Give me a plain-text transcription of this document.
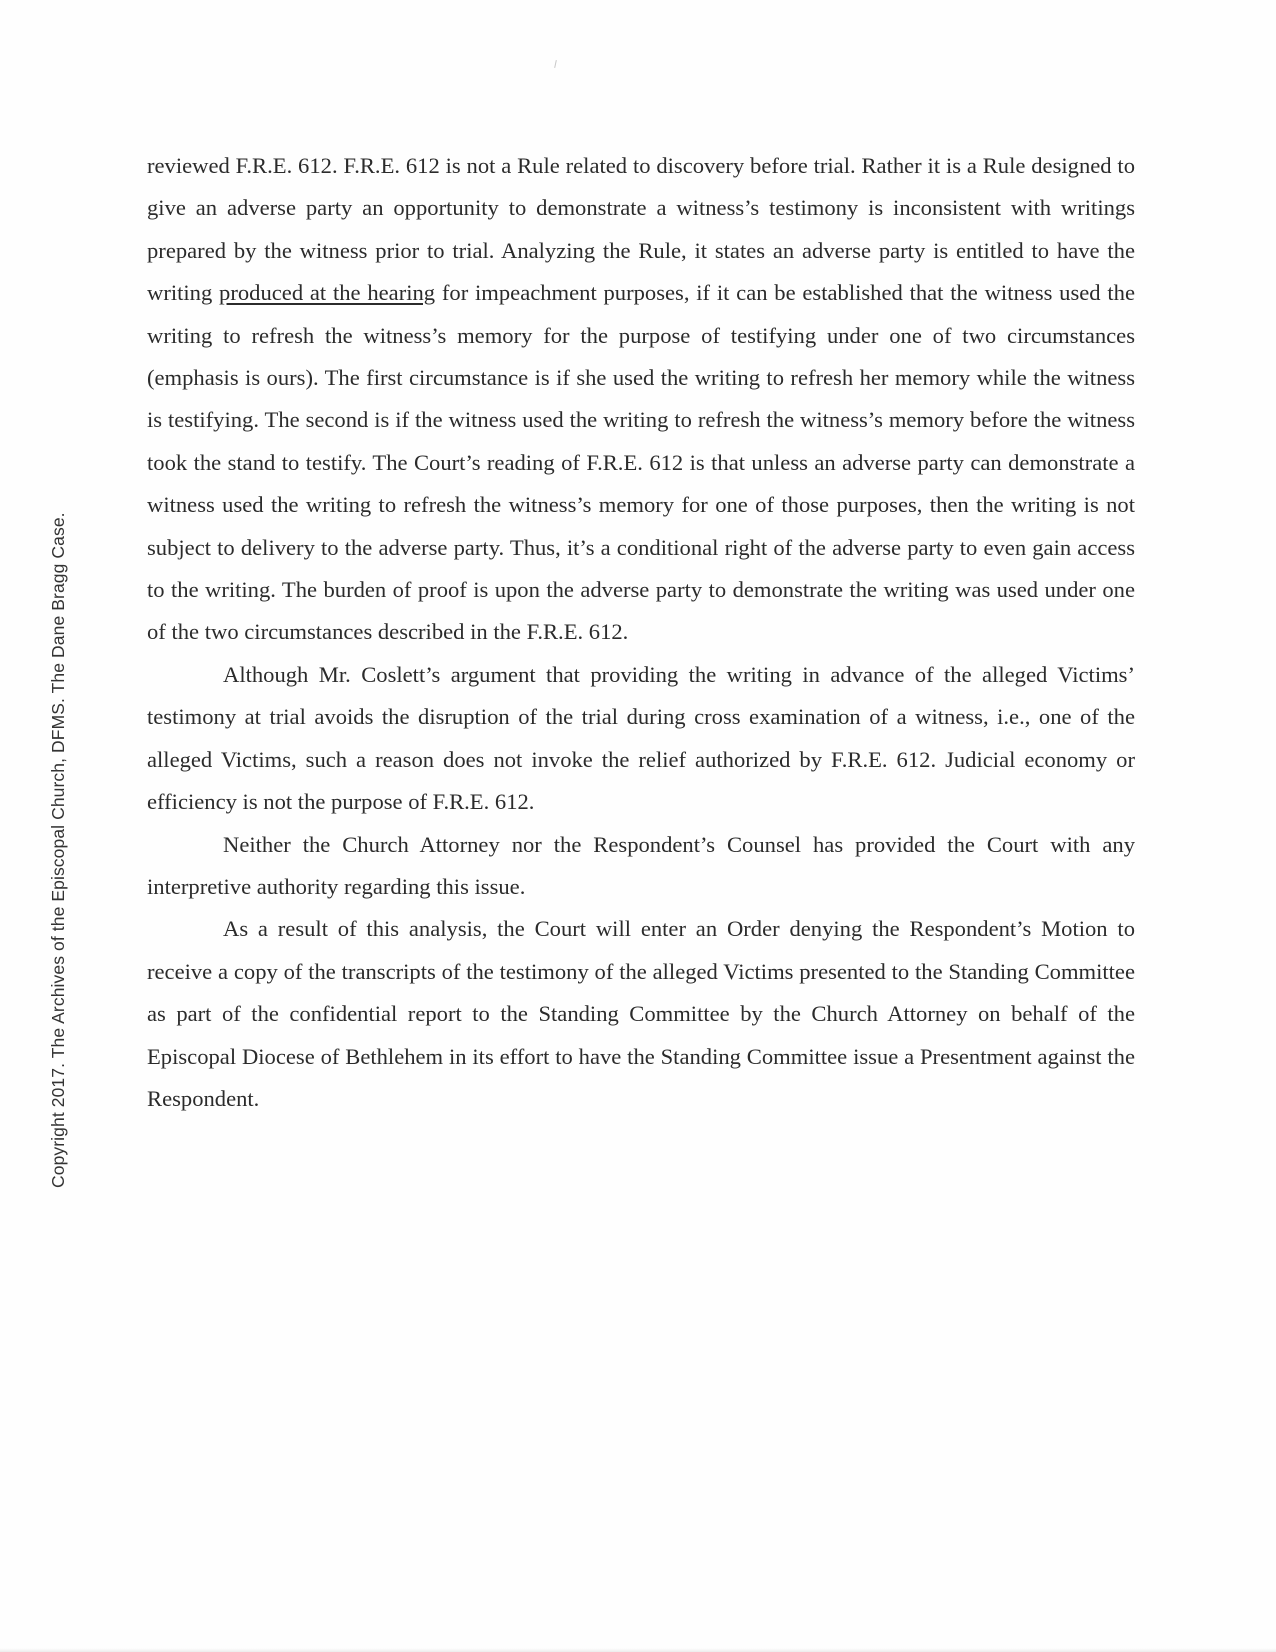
Copyright 2017. The Archives of the Episcopal Church, DFMS. The Dane Bragg Case.

reviewed F.R.E. 612. F.R.E. 612 is not a Rule related to discovery before trial. Rather it is a Rule designed to give an adverse party an opportunity to demonstrate a witness’s testimony is inconsistent with writings prepared by the witness prior to trial. Analyzing the Rule, it states an adverse party is entitled to have the writing produced at the hearing for impeachment purposes, if it can be established that the witness used the writing to refresh the witness’s memory for the purpose of testifying under one of two circumstances (emphasis is ours). The first circumstance is if she used the writing to refresh her memory while the witness is testifying. The second is if the witness used the writing to refresh the witness’s memory before the witness took the stand to testify. The Court’s reading of F.R.E. 612 is that unless an adverse party can demonstrate a witness used the writing to refresh the witness’s memory for one of those purposes, then the writing is not subject to delivery to the adverse party. Thus, it’s a conditional right of the adverse party to even gain access to the writing. The burden of proof is upon the adverse party to demonstrate the writing was used under one of the two circumstances described in the F.R.E. 612.

Although Mr. Coslett’s argument that providing the writing in advance of the alleged Victims’ testimony at trial avoids the disruption of the trial during cross examination of a witness, i.e., one of the alleged Victims, such a reason does not invoke the relief authorized by F.R.E. 612. Judicial economy or efficiency is not the purpose of F.R.E. 612.

Neither the Church Attorney nor the Respondent’s Counsel has provided the Court with any interpretive authority regarding this issue.

As a result of this analysis, the Court will enter an Order denying the Respondent’s Motion to receive a copy of the transcripts of the testimony of the alleged Victims presented to the Standing Committee as part of the confidential report to the Standing Committee by the Church Attorney on behalf of the Episcopal Diocese of Bethlehem in its effort to have the Standing Committee issue a Presentment against the Respondent.
